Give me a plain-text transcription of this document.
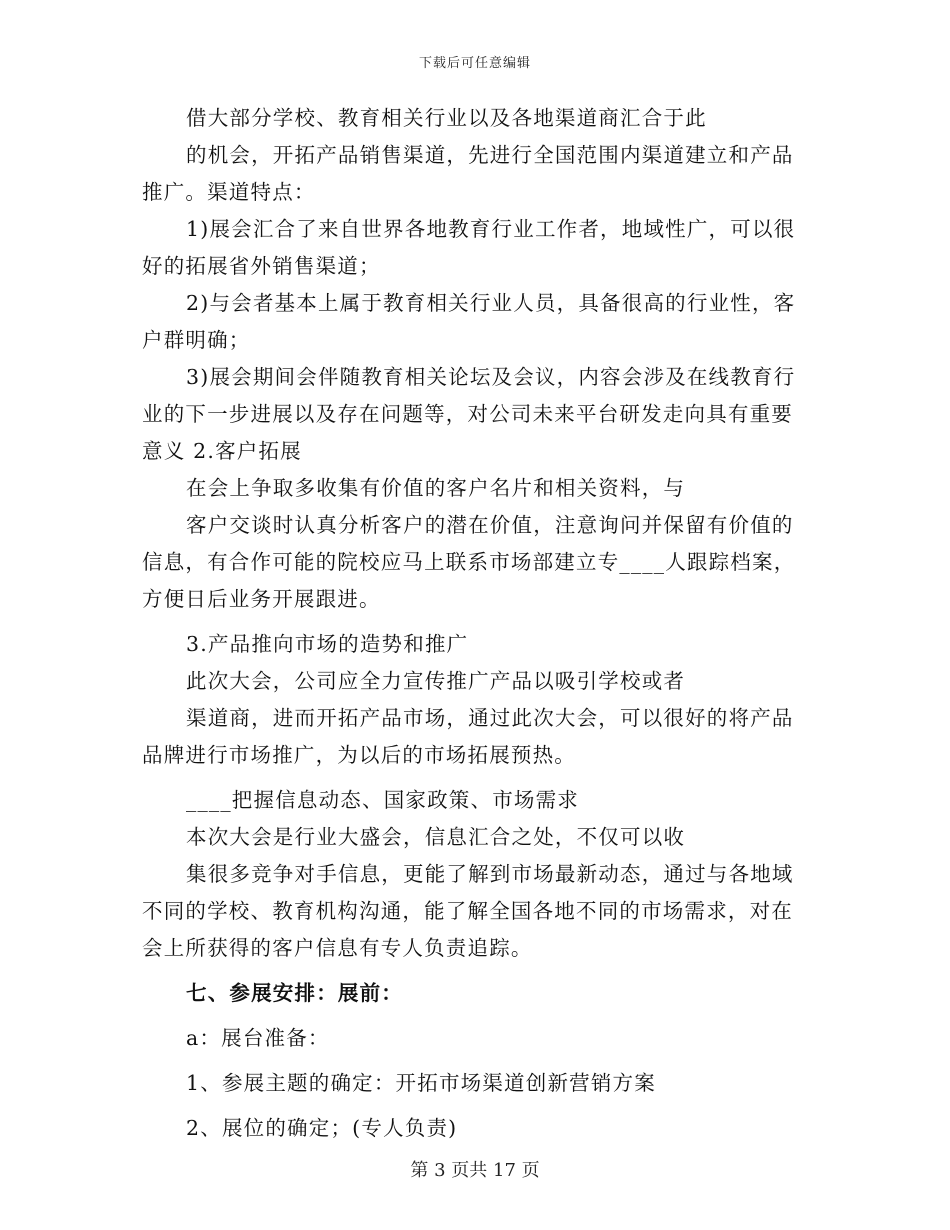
下载后可任意编辑
借大部分学校、教育相关行业以及各地渠道商汇合于此
的机会，开拓产品销售渠道，先进行全国范围内渠道建立和产品
推广。渠道特点：
1)展会汇合了来自世界各地教育行业工作者，地域性广，可以很
好的拓展省外销售渠道；
2)与会者基本上属于教育相关行业人员，具备很高的行业性，客
户群明确；
3)展会期间会伴随教育相关论坛及会议，内容会涉及在线教育行
业的下一步进展以及存在问题等，对公司未来平台研发走向具有重要
意义 2.客户拓展
在会上争取多收集有价值的客户名片和相关资料，与
客户交谈时认真分析客户的潜在价值，注意询问并保留有价值的
信息，有合作可能的院校应马上联系市场部建立专____人跟踪档案，
方便日后业务开展跟进。
3.产品推向市场的造势和推广
此次大会，公司应全力宣传推广产品以吸引学校或者
渠道商，进而开拓产品市场，通过此次大会，可以很好的将产品
品牌进行市场推广，为以后的市场拓展预热。
____把握信息动态、国家政策、市场需求
本次大会是行业大盛会，信息汇合之处，不仅可以收
集很多竞争对手信息，更能了解到市场最新动态，通过与各地域
不同的学校、教育机构沟通，能了解全国各地不同的市场需求，对在
会上所获得的客户信息有专人负责追踪。
七、参展安排：展前：
a：展台准备：
1、参展主题的确定：开拓市场渠道创新营销方案
2、展位的确定；(专人负责)
第 3 页共 17 页
